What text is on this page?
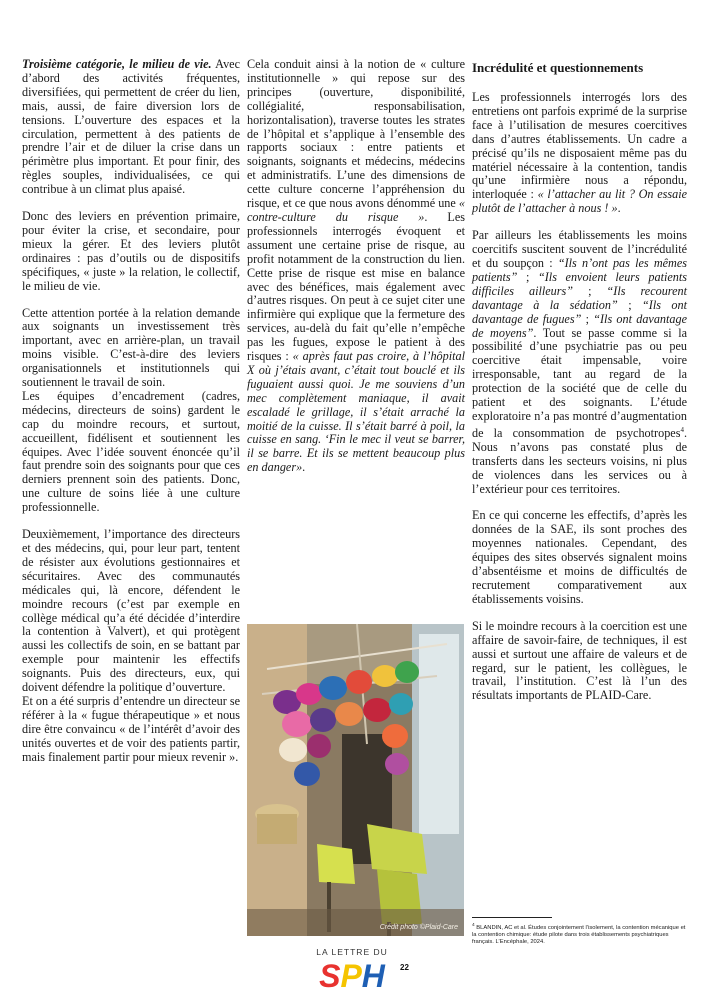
Troisième catégorie, le milieu de vie. Avec d’abord des activités fréquentes, diversifiées, qui permettent de créer du lien, mais, aussi, de faire diversion lors de tensions. L’ouverture des espaces et la circulation, permettent à des patients de prendre l’air et de diluer la crise dans un périmètre plus important. Et pour finir, des règles souples, individualisées, ce qui contribue à un climat plus apaisé.

Donc des leviers en prévention primaire, pour éviter la crise, et secondaire, pour mieux la gérer. Et des leviers plutôt ordinaires : pas d’outils ou de dispositifs spécifiques, « juste » la relation, le collectif, le milieu de vie.

Cette attention portée à la relation demande aux soignants un investissement très important, avec en arrière-plan, un travail moins visible. C’est-à-dire des leviers organisationnels et institutionnels qui soutiennent le travail de soin.

Les équipes d’encadrement (cadres, médecins, directeurs de soins) gardent le cap du moindre recours, et surtout, accueillent, fidélisent et soutiennent les équipes. Avec l’idée souvent énoncée qu’il faut prendre soin des soignants pour que ces derniers prennent soin des patients. Donc, une culture de soins liée à une culture professionnelle.

Deuxièmement, l’importance des directeurs et des médecins, qui, pour leur part, tentent de résister aux évolutions gestionnaires et sécuritaires. Avec des communautés médicales qui, là encore, défendent le moindre recours (c’est par exemple en collège médical qu’a été décidée d’interdire la contention à Valvert), et qui protègent aussi les collectifs de soin, en se battant par exemple pour maintenir les effectifs soignants. Puis des directeurs, eux, qui doivent défendre la politique d’ouverture.

Et on a été surpris d’entendre un directeur se référer à la « fugue thérapeutique » et nous dire être convaincu « de l’intérêt d’avoir des unités ouvertes et de voir des patients partir, mais finalement partir pour mieux revenir ».

Cela conduit ainsi à la notion de « culture institutionnelle » qui repose sur des principes (ouverture, disponibilité, collégialité, responsabilisation, horizontalisation), traverse toutes les strates de l’hôpital et s’applique à l’ensemble des rapports sociaux : entre patients et soignants, soignants et médecins, médecins et administratifs. L’une des dimensions de cette culture concerne l’appréhension du risque, et ce que nous avons dénommé une « contre-culture du risque ». Les professionnels interrogés évoquent et assument une certaine prise de risque, au profit notamment de la construction du lien. Cette prise de risque est mise en balance avec des bénéfices, mais également avec d’autres risques. On peut à ce sujet citer une infirmière qui explique que la fermeture des services, au-delà du fait qu’elle n’empêche pas les fugues, expose le patient à des risques : « après faut pas croire, à l’hôpital X où j’étais avant, c’était tout bouclé et ils fuguaient aussi quoi. Je me souviens d’un mec complètement maniaque, il avait escaladé le grillage, il s’était arraché la moitié de la cuisse. Il s’était barré à poil, la cuisse en sang. ‘Fin le mec il veut se barrer, il se barre. Et ils se mettent beaucoup plus en danger».

Crédit photo ©Plaid-Care
Incrédulité et questionnements

Les professionnels interrogés lors des entretiens ont parfois exprimé de la surprise face à l’utilisation de mesures coercitives dans d’autres établissements. Un cadre a précisé qu’ils ne disposaient même pas du matériel nécessaire à la contention, tandis qu’une infirmière nous a répondu, interloquée : « l’attacher au lit ? On essaie plutôt de l’attacher à nous ! ».

Par ailleurs les établissements les moins coercitifs suscitent souvent de l’incrédulité et du soupçon : “Ils n’ont pas les mêmes patients” ; “Ils envoient leurs patients difficiles ailleurs” ; “Ils recourent davantage à la sédation” ; “Ils ont davantage de fugues” ; “Ils ont davantage de moyens”. Tout se passe comme si la possibilité d’une psychiatrie pas ou peu coercitive était impensable, voire irresponsable, tant au regard de la protection de la société que de celle du patient et des soignants. L’étude exploratoire n’a pas montré d’augmentation de la consommation de psychotropes$^4$. Nous n’avons pas constaté plus de transferts dans les secteurs voisins, ni plus de violences dans les services ou à l’extérieur pour ces territoires.

En ce qui concerne les effectifs, d’après les données de la SAE, ils sont proches des moyennes nationales. Cependant, des équipes des sites observés signalent moins d’absentéisme et moins de difficultés de recrutement comparativement aux établissements voisins.

Si le moindre recours à la coercition est une affaire de savoir-faire, de techniques, il est aussi et surtout une affaire de valeurs et de regard, sur le patient, les collègues, le travail, l’institution. C’est là l’un des résultats importants de PLAID-Care.

$^4$ BLANDIN, AC et al. Études conjointement l’isolement, la contention mécanique et la contention chimique: étude pilote dans trois établissements psychiatriques français. L’Encéphale, 2024.
LA LETTRE DU
SPH 22
